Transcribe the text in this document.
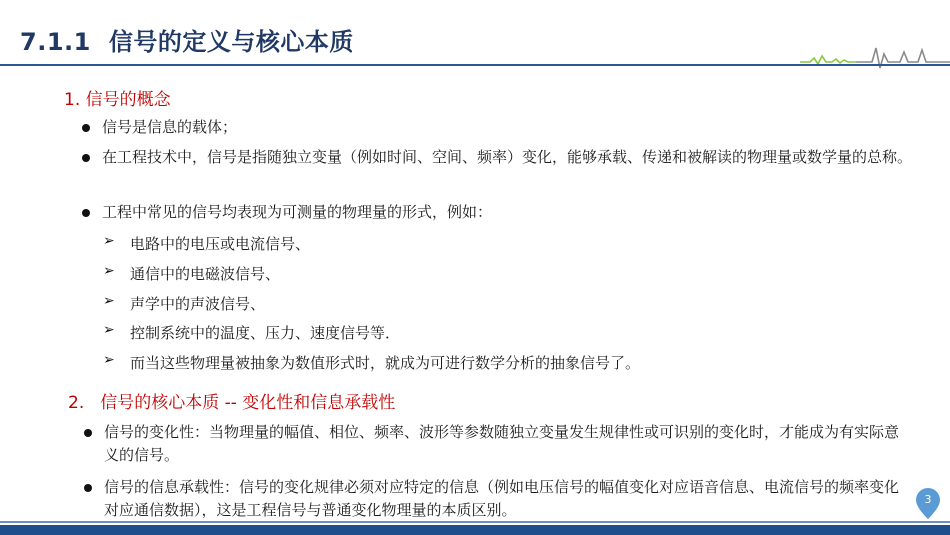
7.1.1 信号的定义与核心本质
1. 信号的概念
信号是信息的载体；
在工程技术中，信号是指随独立变量（例如时间、空间、频率）变化，能够承载、传递和被解读的物理量或数学量的总称。
工程中常见的信号均表现为可测量的物理量的形式，例如：
➢ 电路中的电压或电流信号、
➢ 通信中的电磁波信号、
➢ 声学中的声波信号、
➢ 控制系统中的温度、压力、速度信号等．
➢ 而当这些物理量被抽象为数值形式时，就成为可进行数学分析的抽象信号了。
2. 信号的核心本质 -- 变化性和信息承载性
信号的变化性：当物理量的幅值、相位、频率、波形等参数随独立变量发生规律性或可识别的变化时，才能成为有实际意义的信号。
信号的信息承载性：信号的变化规律必须对应特定的信息（例如电压信号的幅值变化对应语音信息、电流信号的频率变化对应通信数据），这是工程信号与普通变化物理量的本质区别。
3
